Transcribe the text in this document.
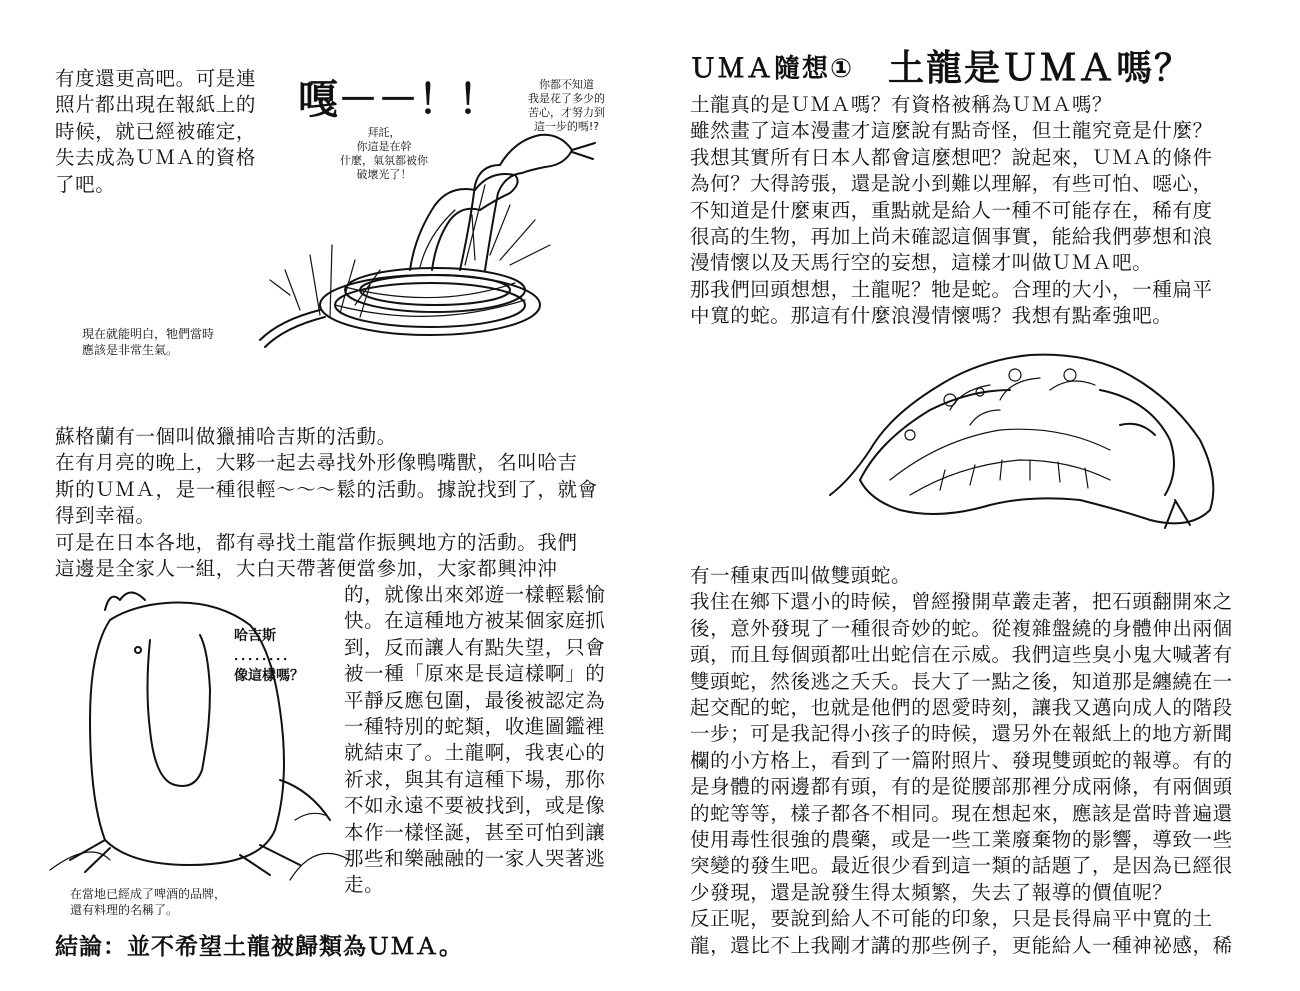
有度還更高吧。可是連
照片都出現在報紙上的
時候，就已經被確定，
失去成為ＵＭＡ的資格
了吧。
嘎－－！！
拜託，
你這是在幹
什麼，氣氛都被你
破壞光了！
你都不知道
我是花了多少的
苦心，才努力到
這一步的嗎!?
現在就能明白，牠們當時
應該是非常生氣。
蘇格蘭有一個叫做獵捕哈吉斯的活動。
在有月亮的晚上，大夥一起去尋找外形像鴨嘴獸，名叫哈吉
斯的ＵＭＡ，是一種很輕～～～鬆的活動。據說找到了，就會
得到幸福。
可是在日本各地，都有尋找土龍當作振興地方的活動。我們
這邊是全家人一組，大白天帶著便當參加，大家都興沖沖
的，就像出來郊遊一樣輕鬆愉
快。在這種地方被某個家庭抓
到，反而讓人有點失望，只會
被一種「原來是長這樣啊」的
平靜反應包圍，最後被認定為
一種特別的蛇類，收進圖鑑裡
就結束了。土龍啊，我衷心的
祈求，與其有這種下場，那你
不如永遠不要被找到，或是像
本作一樣怪誕，甚至可怕到讓
那些和樂融融的一家人哭著逃
走。
哈吉斯
．．．．．．．．
像這樣嗎？
在當地已經成了啤酒的品牌，
還有料理的名稱了。
結論：並不希望土龍被歸類為ＵＭＡ。
ＵＭＡ隨想① 土龍是ＵＭＡ嗎？
土龍真的是ＵＭＡ嗎？有資格被稱為ＵＭＡ嗎？
雖然畫了這本漫畫才這麼說有點奇怪，但土龍究竟是什麼？
我想其實所有日本人都會這麼想吧？說起來，ＵＭＡ的條件
為何？大得誇張，還是說小到難以理解，有些可怕、噁心，
不知道是什麼東西，重點就是給人一種不可能存在，稀有度
很高的生物，再加上尚未確認這個事實，能給我們夢想和浪
漫情懷以及天馬行空的妄想，這樣才叫做ＵＭＡ吧。
那我們回頭想想，土龍呢？牠是蛇。合理的大小，一種扁平
中寬的蛇。那這有什麼浪漫情懷嗎？我想有點牽強吧。
有一種東西叫做雙頭蛇。
我住在鄉下還小的時候，曾經撥開草叢走著，把石頭翻開來之
後，意外發現了一種很奇妙的蛇。從複雜盤繞的身體伸出兩個
頭，而且每個頭都吐出蛇信在示威。我們這些臭小鬼大喊著有
雙頭蛇，然後逃之夭夭。長大了一點之後，知道那是纏繞在一
起交配的蛇，也就是他們的恩愛時刻，讓我又邁向成人的階段
一步；可是我記得小孩子的時候，還另外在報紙上的地方新聞
欄的小方格上，看到了一篇附照片、發現雙頭蛇的報導。有的
是身體的兩邊都有頭，有的是從腰部那裡分成兩條，有兩個頭
的蛇等等，樣子都各不相同。現在想起來，應該是當時普遍還
使用毒性很強的農藥，或是一些工業廢棄物的影響，導致一些
突變的發生吧。最近很少看到這一類的話題了，是因為已經很
少發現，還是說發生得太頻繁，失去了報導的價值呢？
反正呢，要說到給人不可能的印象，只是長得扁平中寬的土
龍，還比不上我剛才講的那些例子，更能給人一種神祕感，稀
